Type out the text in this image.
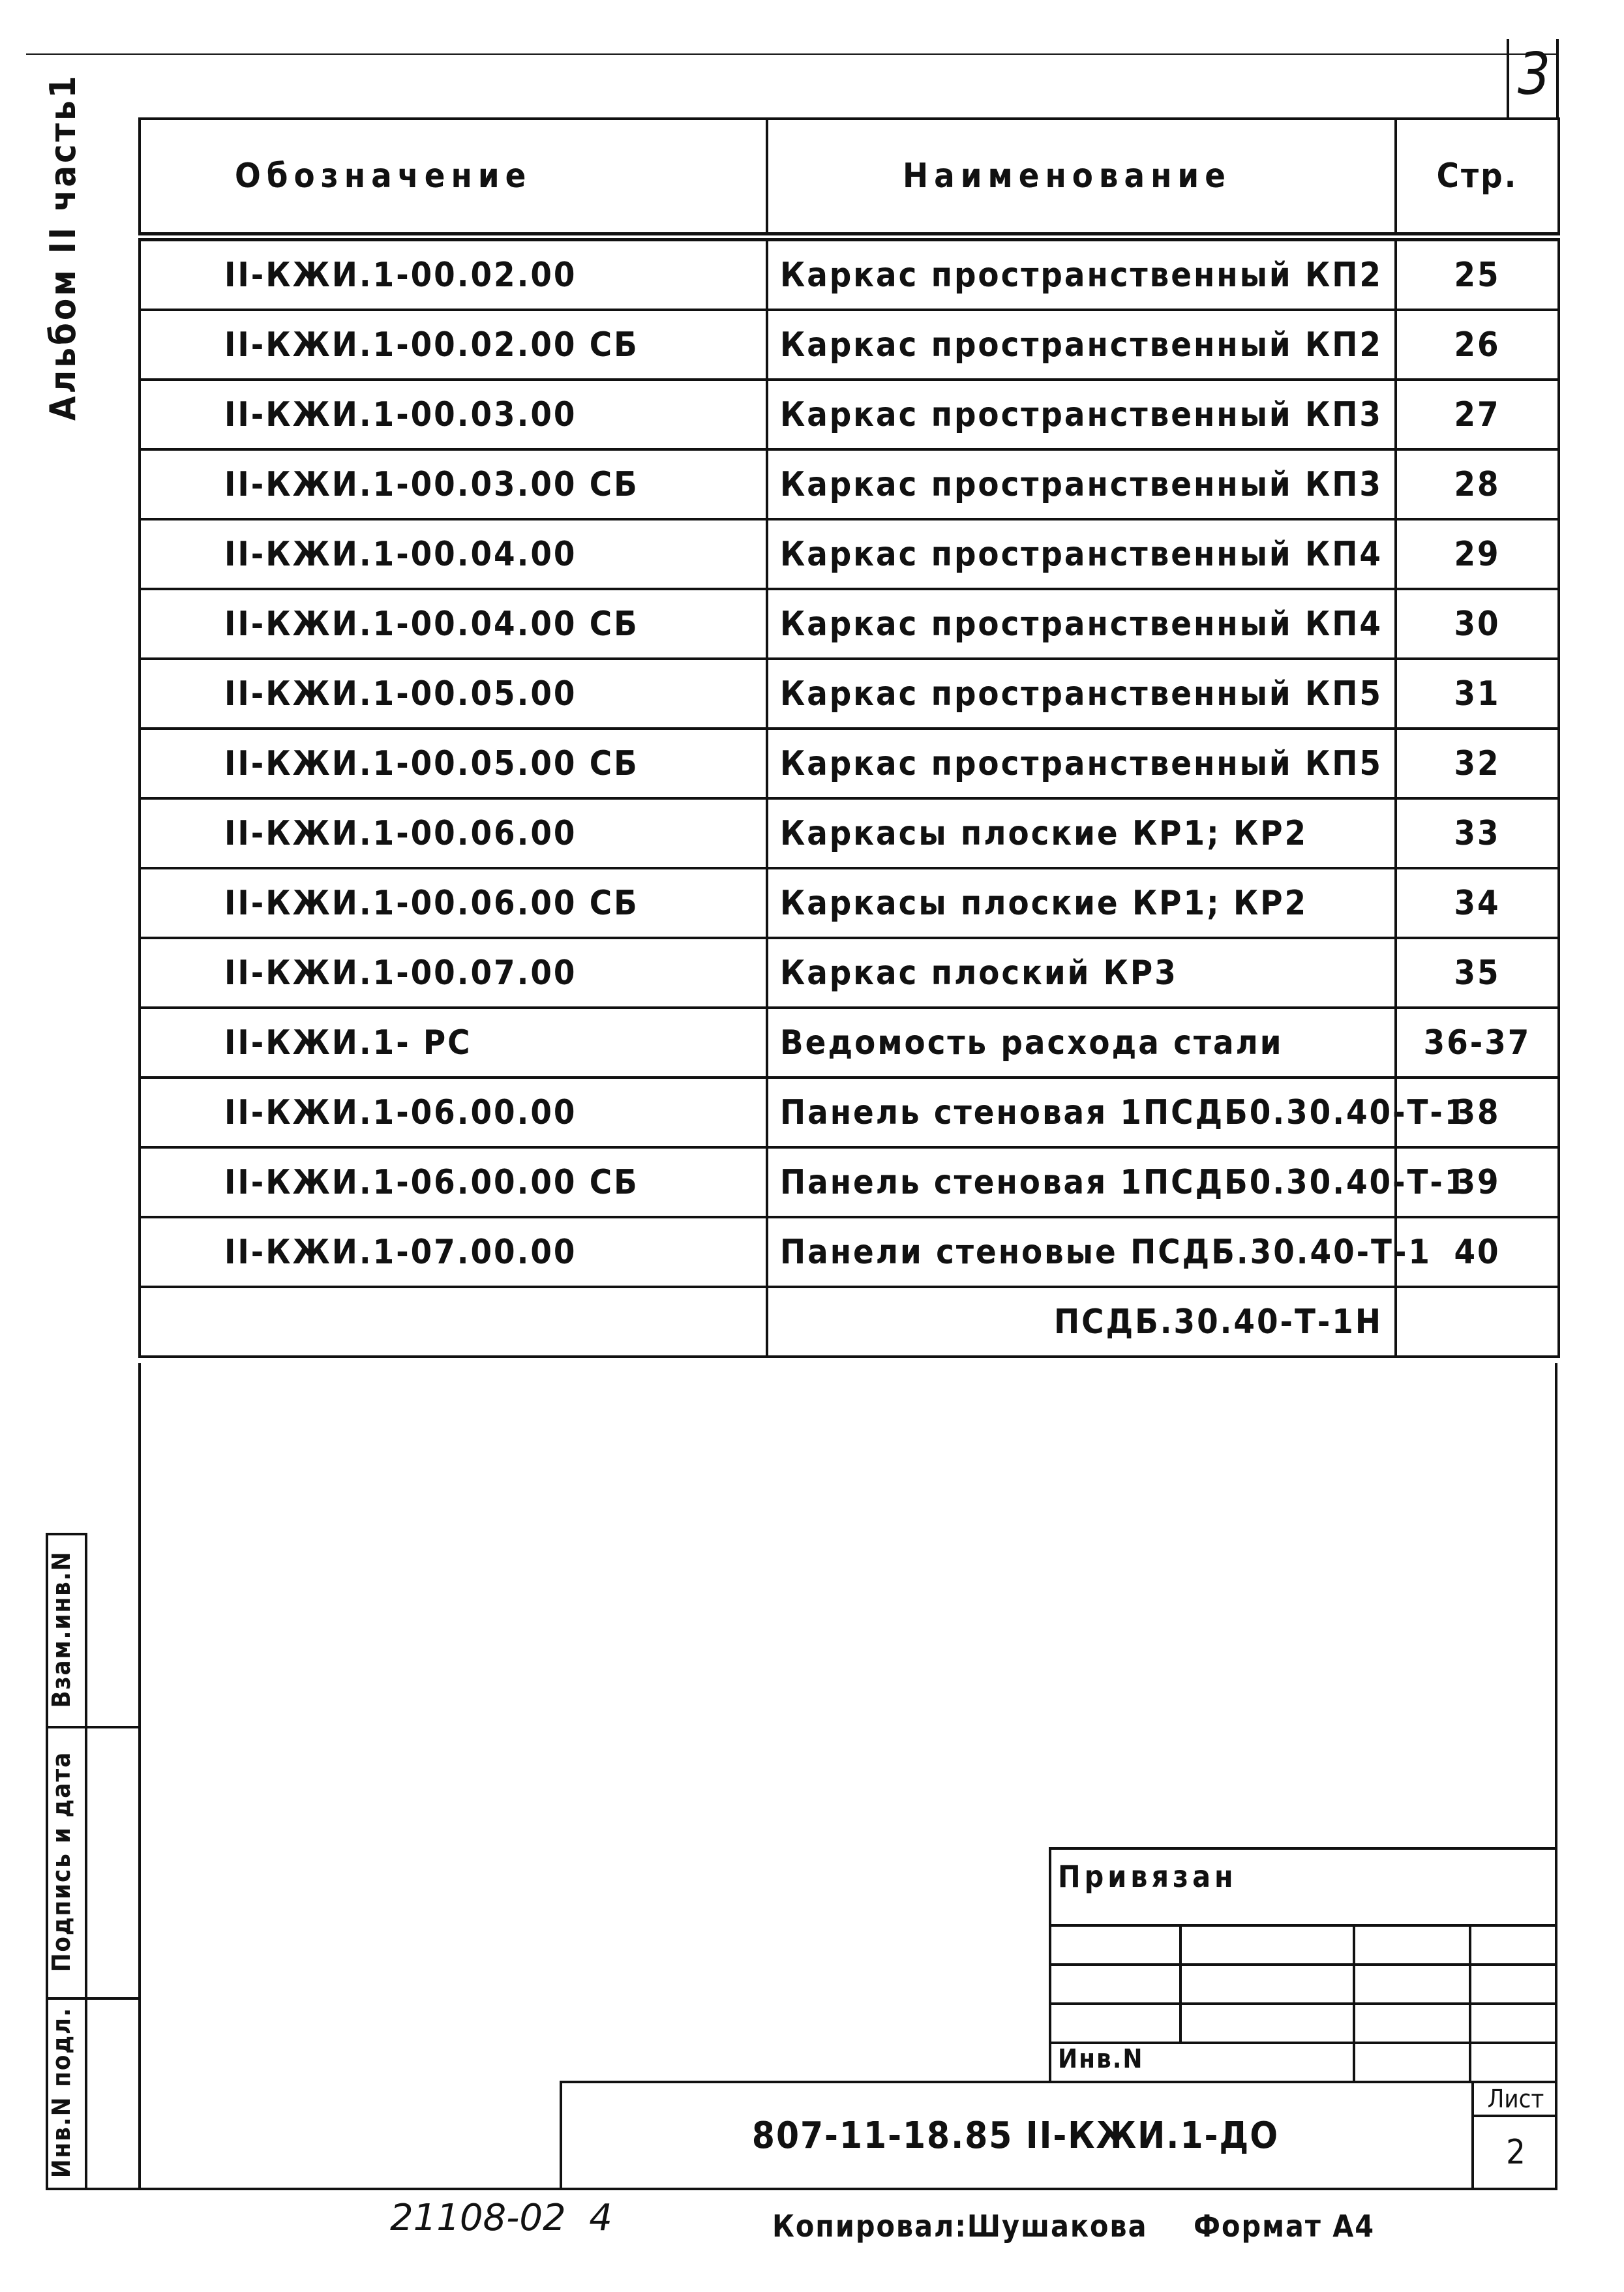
3
Альбом II часть1	Обозначение	Наименование	Стр.
II-КЖИ.1-00.02.00	Каркас пространственный КП2	25
II-КЖИ.1-00.02.00 СБ	Каркас пространственный КП2	26
II-КЖИ.1-00.03.00	Каркас пространственный КП3	27
II-КЖИ.1-00.03.00 СБ	Каркас пространственный КП3	28
II-КЖИ.1-00.04.00	Каркас пространственный КП4	29
II-КЖИ.1-00.04.00 СБ	Каркас пространственный КП4	30
II-КЖИ.1-00.05.00	Каркас пространственный КП5	31
II-КЖИ.1-00.05.00 СБ	Каркас пространственный КП5	32
II-КЖИ.1-00.06.00	Каркасы плоские КР1; КР2	33
II-КЖИ.1-00.06.00 СБ	Каркасы плоские КР1; КР2	34
II-КЖИ.1-00.07.00	Каркас плоский КР3	35
II-КЖИ.1- РС	Ведомость расхода стали	36-37
II-КЖИ.1-06.00.00	Панель стеновая 1ПСДБ0.30.40-Т-1	38
II-КЖИ.1-06.00.00 СБ	Панель стеновая 1ПСДБ0.30.40-Т-1	39
II-КЖИ.1-07.00.00	Панели стеновые ПСДБ.30.40-Т-1	40
	ПСДБ.30.40-Т-1Н	
Взам.инв.N
Подпись и дата
Инв.N подл.
Привязан
Инв.N
807-11-18.85 II-КЖИ.1-ДО
Лист
2
21108-02  4	Копировал:Шушакова Формат А4
